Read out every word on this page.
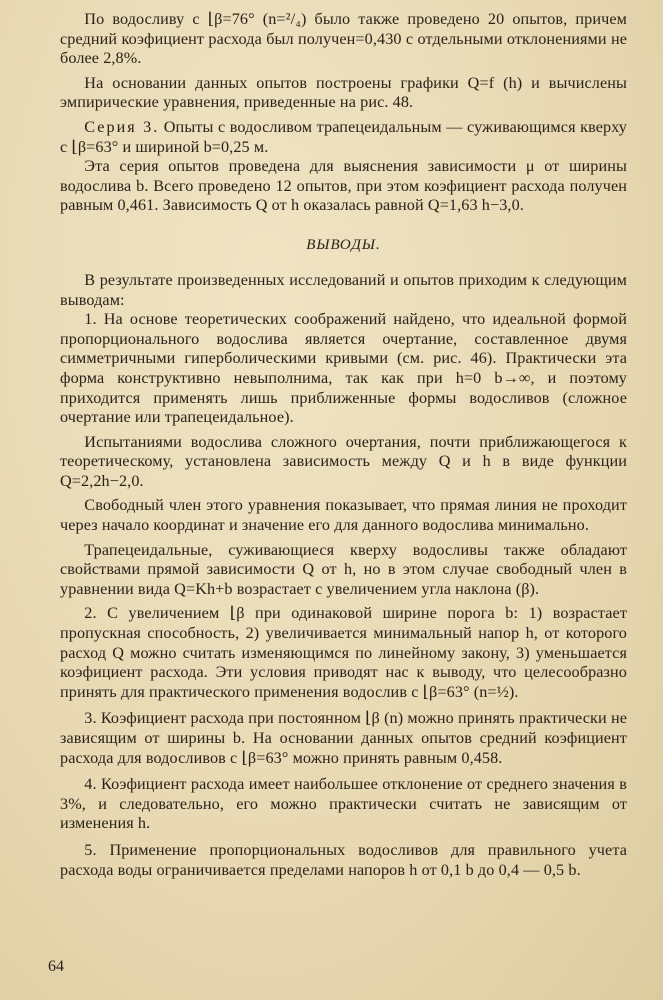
По водосливу с ⌊β=76° (n=²/₄) было также проведено 20 опытов, причем средний коэфициент расхода был получен=0,430 с отдельными отклонениями не более 2,8%.

На основании данных опытов построены графики Q=f (h) и вычислены эмпирические уравнения, приведенные на рис. 48.

Серия 3. Опыты с водосливом трапецеидальным — суживающимся кверху с ⌊β=63° и шириной b=0,25 м.

Эта серия опытов проведена для выяснения зависимости μ от ширины водослива b. Всего проведено 12 опытов, при этом коэфициент расхода получен равным 0,461. Зависимость Q от h оказалась равной Q=1,63 h−3,0.

ВЫВОДЫ.

В результате произведенных исследований и опытов приходим к следующим выводам:

1. На основе теоретических соображений найдено, что идеальной формой пропорционального водослива является очертание, составленное двумя симметричными гиперболическими кривыми (см. рис. 46). Практически эта форма конструктивно невыполнима, так как при h=0 b→∞, и поэтому приходится применять лишь приближенные формы водосливов (сложное очертание или трапецеидальное).

Испытаниями водослива сложного очертания, почти приближающегося к теоретическому, установлена зависимость между Q и h в виде функции Q=2,2h−2,0.

Свободный член этого уравнения показывает, что прямая линия не проходит через начало координат и значение его для данного водослива минимально.

Трапецеидальные, суживающиеся кверху водосливы также обладают свойствами прямой зависимости Q от h, но в этом случае свободный член в уравнении вида Q=Kh+b возрастает с увеличением угла наклона (β).

2. С увеличением ⌊β при одинаковой ширине порога b: 1) возрастает пропускная способность, 2) увеличивается минимальный напор h, от которого расход Q можно считать изменяющимся по линейному закону, 3) уменьшается коэфициент расхода. Эти условия приводят нас к выводу, что целесообразно принять для практического применения водослив с ⌊β=63° (n=½).

3. Коэфициент расхода при постоянном ⌊β (n) можно принять практически не зависящим от ширины b. На основании данных опытов средний коэфициент расхода для водосливов с ⌊β=63° можно принять равным 0,458.

4. Коэфициент расхода имеет наибольшее отклонение от среднего значения в 3%, и следовательно, его можно практически считать не зависящим от изменения h.

5. Применение пропорциональных водосливов для правильного учета расхода воды ограничивается пределами напоров h от 0,1 b до 0,4 — 0,5 b.

64
